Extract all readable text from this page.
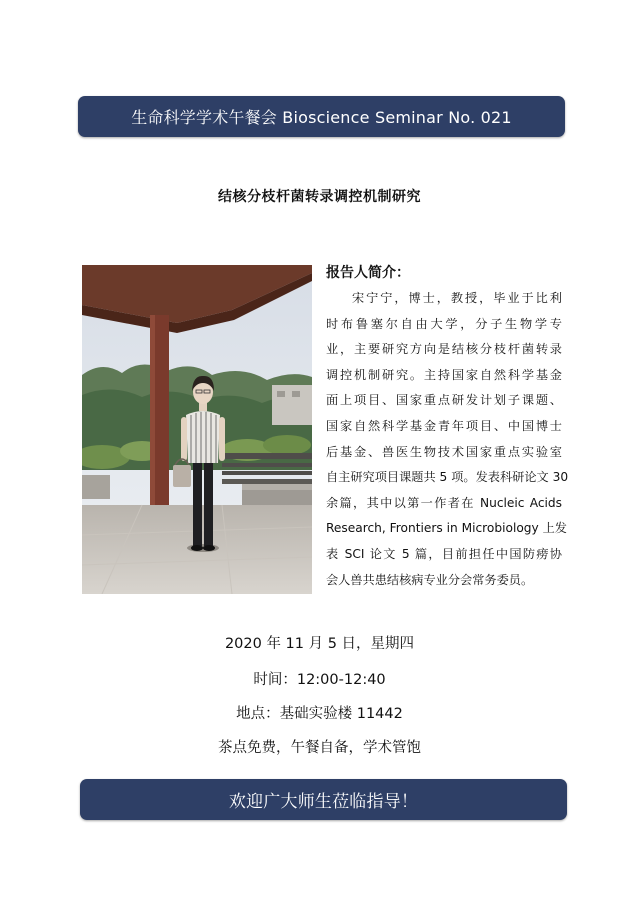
生命科学学术午餐会 Bioscience Seminar No. 021
结核分枝杆菌转录调控机制研究
报告人简介：
宋宁宁，博士，教授，毕业于比利
时布鲁塞尔自由大学，分子生物学专
业，主要研究方向是结核分枝杆菌转录
调控机制研究。主持国家自然科学基金
面上项目、国家重点研发计划子课题、
国家自然科学基金青年项目、中国博士
后基金、兽医生物技术国家重点实验室
自主研究项目课题共 5 项。发表科研论文 30
余篇，其中以第一作者在 Nucleic Acids
Research, Frontiers in Microbiology 上发
表 SCI 论文 5 篇，目前担任中国防痨协
会人兽共患结核病专业分会常务委员。
2020 年 11 月 5 日，星期四
时间：12:00-12:40
地点：基础实验楼 11442
茶点免费，午餐自备，学术管饱
欢迎广大师生莅临指导！
